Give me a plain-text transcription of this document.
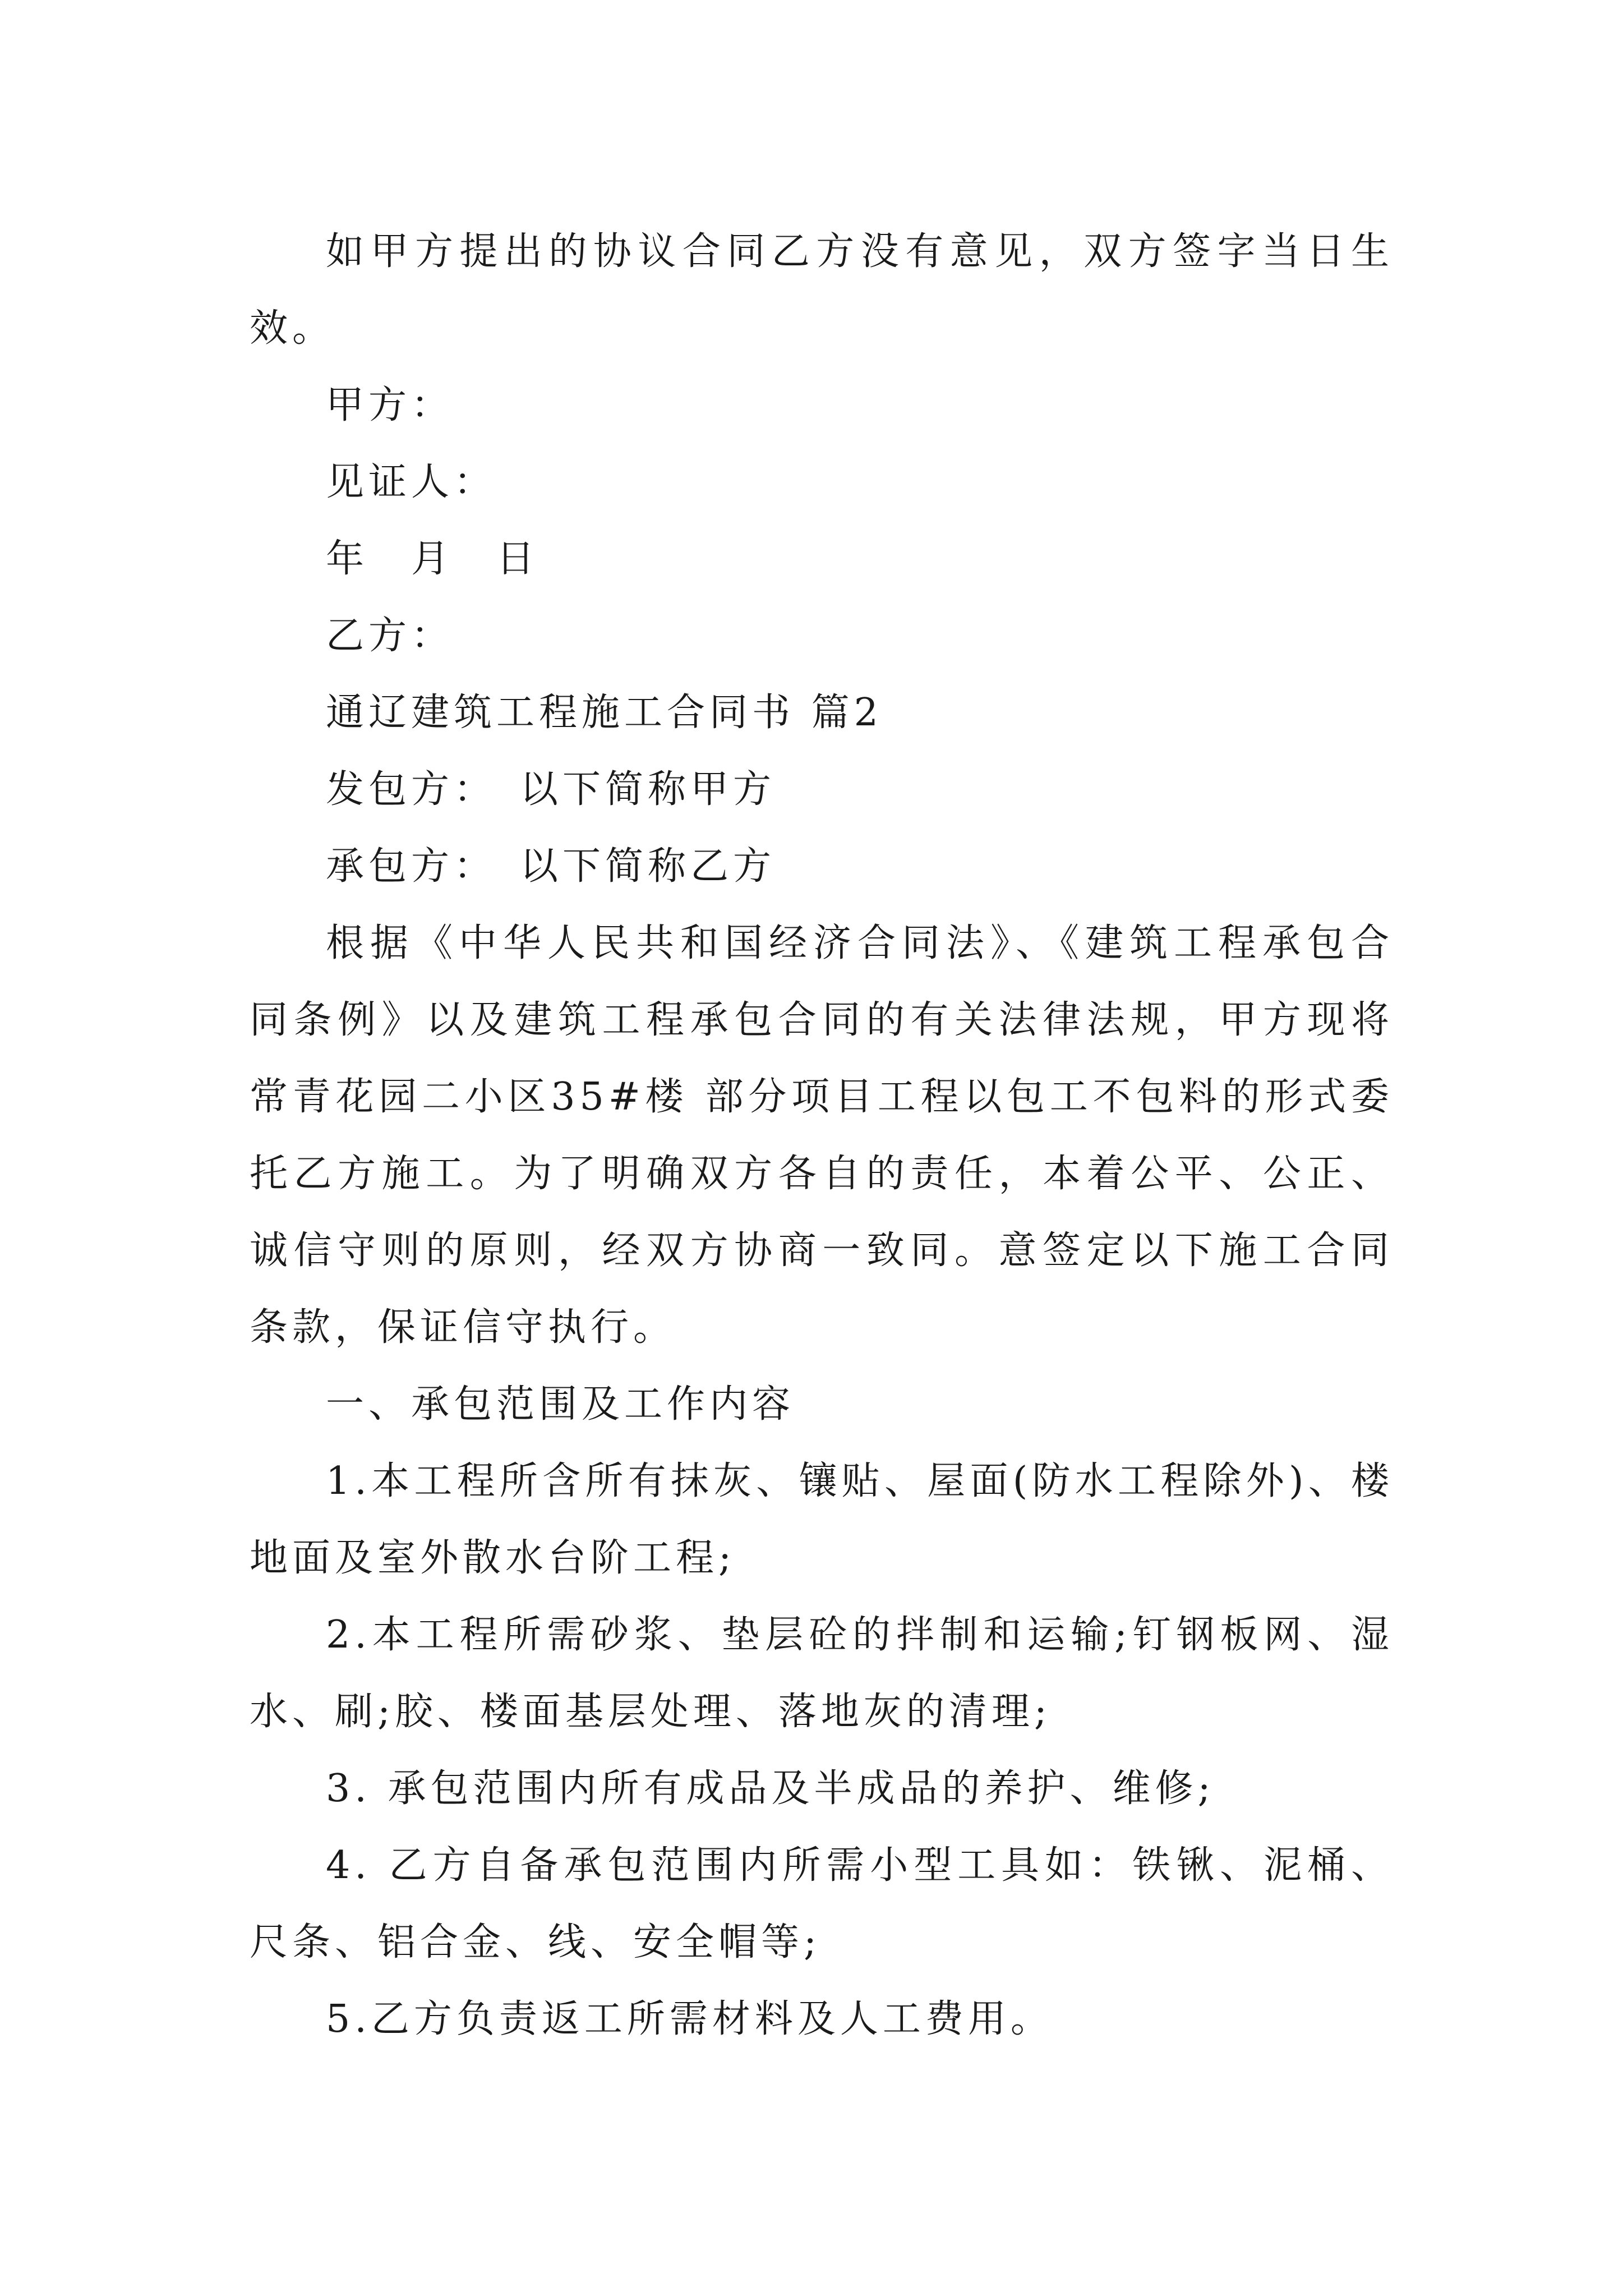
如甲方提出的协议合同乙方没有意见，双方签字当日生效。

甲方：

见证人：

年　月　日

乙方：

通辽建筑工程施工合同书 篇2

发包方：　以下简称甲方

承包方：　以下简称乙方

根据《中华人民共和国经济合同法》、《建筑工程承包合同条例》以及建筑工程承包合同的有关法律法规，甲方现将常青花园二小区35#楼 部分项目工程以包工不包料的形式委托乙方施工。为了明确双方各自的责任，本着公平、公正、诚信守则的原则，经双方协商一致同。意签定以下施工合同条款，保证信守执行。

一、承包范围及工作内容

1.本工程所含所有抹灰、镶贴、屋面(防水工程除外)、楼地面及室外散水台阶工程;

2.本工程所需砂浆、垫层砼的拌制和运输;钉钢板网、湿水、刷;胶、楼面基层处理、落地灰的清理;

3. 承包范围内所有成品及半成品的养护、维修;

4. 乙方自备承包范围内所需小型工具如：铁锹、泥桶、尺条、铝合金、线、安全帽等;

5.乙方负责返工所需材料及人工费用。
